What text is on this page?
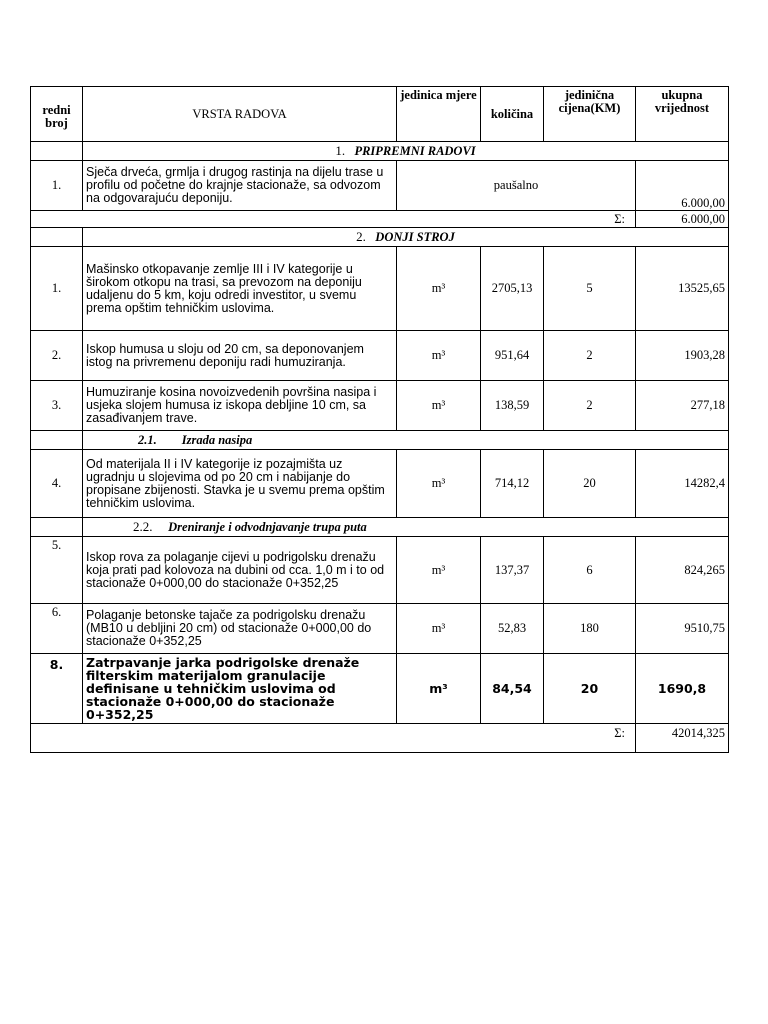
redni broj	VRSTA RADOVA	jedinica mjere	količina	jedinična cijena(KM)	ukupna vrijednost
	1. PRIPREMNI RADOVI				
1.	Sječa drveća, grmlja i drugog rastinja na dijelu trase u profilu od početne do krajnje stacionaže, sa odvozom na odgovarajuću deponiju.	paušalno			6.000,00
Σ:					6.000,00
	2. DONJI STROJ				
1.	Mašinsko otkopavanje zemlje III i IV kategorije u širokom otkopu na trasi, sa prevozom na deponiju udaljenu do 5 km, koju odredi investitor, u svemu prema opštim tehničkim uslovima.	m³	2705,13	5	13525,65
2.	Iskop humusa u sloju od 20 cm, sa deponovanjem istog na privremenu deponiju radi humuziranja.	m³	951,64	2	1903,28
3.	Humuziranje kosina novoizvedenih površina nasipa i usjeka slojem humusa iz iskopa debljine 10 cm, sa zasađivanjem trave.	m³	138,59	2	277,18
	2.1. Izrada nasipa				
4.	Od materijala II i IV kategorije iz pozajmišta uz ugradnju u slojevima od po 20 cm i nabijanje do propisane zbijenosti. Stavka je u svemu prema opštim tehničkim uslovima.	m³	714,12	20	14282,4
	2.2. Dreniranje i odvodnjavanje trupa puta				
5.	Iskop rova za polaganje cijevi u podrigolsku drenažu koja prati pad kolovoza na dubini od cca. 1,0 m i to od stacionaže 0+000,00 do stacionaže 0+352,25	m³	137,37	6	824,265
6.	Polaganje betonske tajače za podrigolsku drenažu (MB10 u debljini 20 cm) od stacionaže 0+000,00 do stacionaže 0+352,25	m³	52,83	180	9510,75
8.	Zatrpavanje jarka podrigolske drenaže filterskim materijalom granulacije definisane u tehničkim uslovima od stacionaže 0+000,00 do stacionaže 0+352,25	m³	84,54	20	1690,8
Σ:					42014,325
